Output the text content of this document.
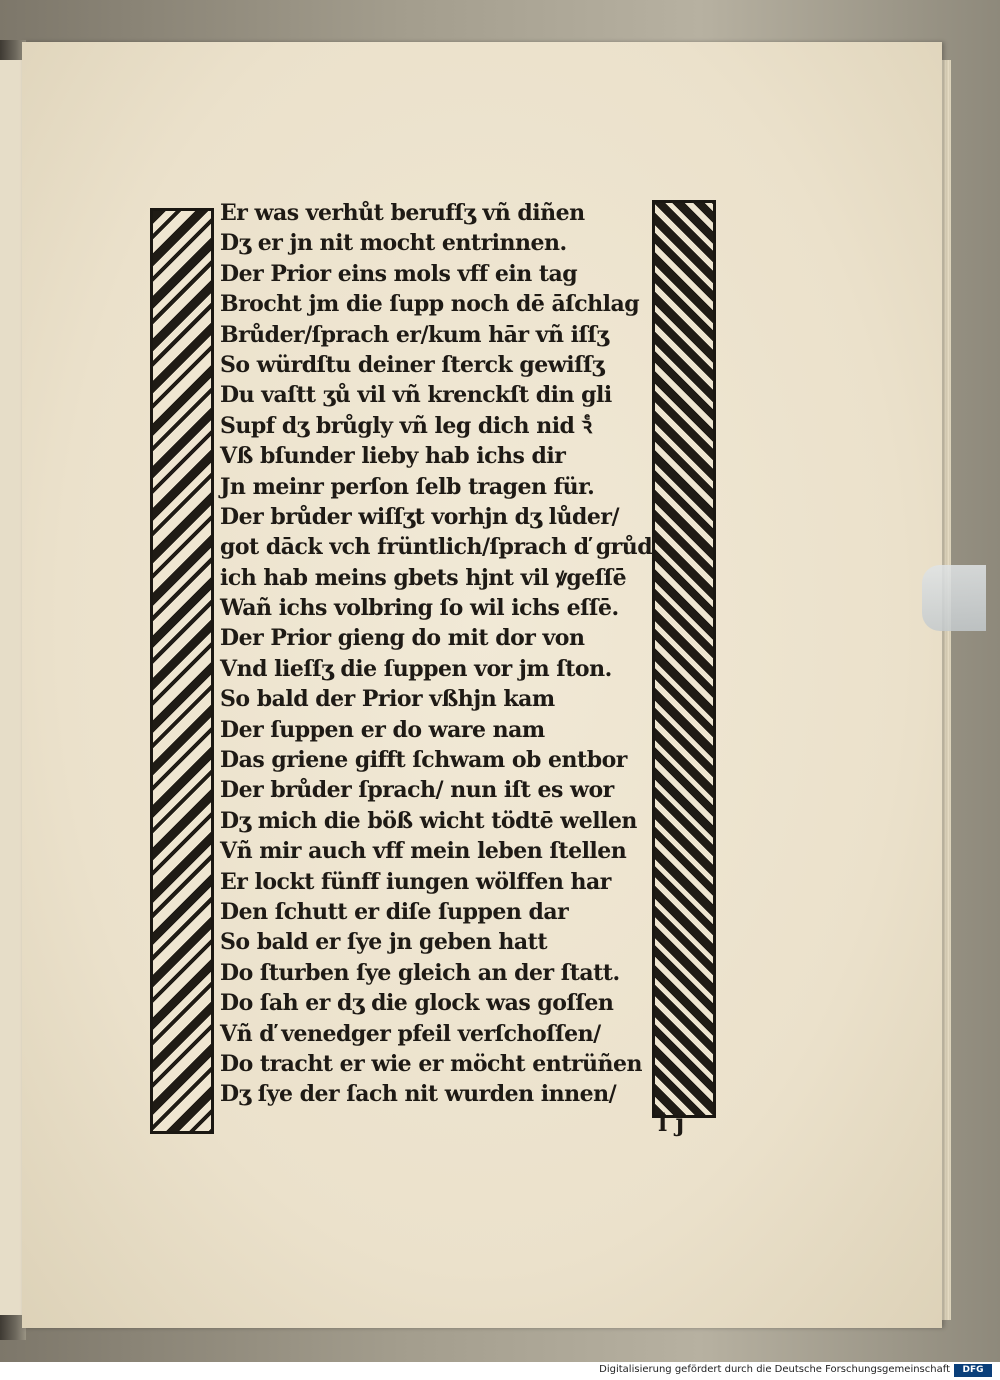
Er was verhůt berufſʒ vñ diñen
Dʒ er jn nit mocht entrinnen.
Der Prior eins mols vff ein tag
Brocht jm die ſupp noch dē āſchlag
Brůder/ſprach er/kum hār vñ iſſʒ
So würdſtu deiner ſterck gewiſſʒ
Du vaſtt ʒů vil vñ krenckſt din gli
Supf dʒ brůgly vñ leg dich nid ꝛͤ
Vß bſunder lieby hab ichs dir
Jn meinr perſon ſelb tragen für.
Der brůder wiſſʒt vorhjn dʒ lůder/
got dāck vch früntlich/ſprach ď grůď
ich hab meins gbets hjnt vil ꝟgeſſē
Wañ ichs volbring ſo wil ichs eſſē.
Der Prior gieng do mit dor von
Vnd lieſſʒ die ſuppen vor jm ſton.
So bald der Prior vßhjn kam
Der ſuppen er do ware nam
Das griene gifft ſchwam ob entbor
Der brůder ſprach/ nun iſt es wor
Dʒ mich die böß wicht tödtē wellen
Vñ mir auch vff mein leben ſtellen
Er lockt fünff iungen wölffen har
Den ſchutt er diſe ſuppen dar
So bald er ſye jn geben hatt
Do ſturben ſye gleich an der ſtatt.
Do ſah er dʒ die glock was goſſen
Vñ ď venedger pfeil verſchoſſen/
Do tracht er wie er möcht entrüñen
Dʒ ſye der ſach nit wurden innen/
l j
Digitalisierung gefördert durch die Deutsche Forschungsgemeinschaft	DFG
